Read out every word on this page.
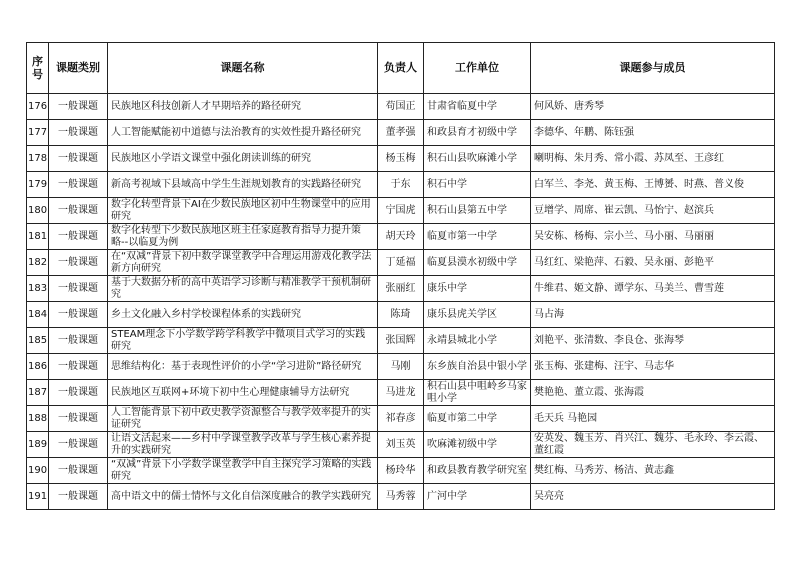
序
号	课题类别	课题名称	负责人	工作单位	课题参与成员
176	一般课题	民族地区科技创新人才早期培养的路径研究	苟国正	甘肃省临夏中学	何风娇、唐秀琴
177	一般课题	人工智能赋能初中道德与法治教育的实效性提升路径研究	董孝强	和政县育才初级中学	李德华、年鹏、陈钰强
178	一般课题	民族地区小学语文课堂中强化朗读训练的研究	杨玉梅	积石山县吹麻滩小学	喇明梅、朱月秀、常小霞、苏凤至、王彦红
179	一般课题	新高考视域下县域高中学生生涯规划教育的实践路径研究	于东	积石中学	白军兰、李尧、黄玉梅、王博赟、时燕、普义俊
180	一般课题	数字化转型背景下AI在少数民族地区初中生物课堂中的应用研究	宁国虎	积石山县第五中学	豆增学、周席、崔云凯、马怡宁、赵滨兵
181	一般课题	数字化转型下少数民族地区班主任家庭教育指导力提升策略--以临夏为例	胡天玲	临夏市第一中学	吴安栋、杨梅、宗小兰、马小丽、马丽丽
182	一般课题	在“双减”背景下初中数学课堂教学中合理运用游戏化教学法新方向研究	丁延福	临夏县漠水初级中学	马红红、梁艳萍、石毅、吴永丽、彭艳平
183	一般课题	基于大数据分析的高中英语学习诊断与精准教学干预机制研究	张丽红	康乐中学	牛维君、姬文静、谭学东、马美兰、曹雪莲
184	一般课题	乡土文化融入乡村学校课程体系的实践研究	陈琦	康乐县虎关学区	马占海
185	一般课题	STEAM理念下小学数学跨学科教学中微项目式学习的实践研究	张国辉	永靖县城北小学	刘艳平、张清数、李良仓、张海琴
186	一般课题	思维结构化：基于表现性评价的小学“学习进阶”路径研究	马刚	东乡族自治县中银小学	张玉梅、张建梅、汪宇、马志华
187	一般课题	民族地区互联网+环境下初中生心理健康辅导方法研究	马进龙	积石山县中咀岭乡马家咀小学	樊艳艳、董立霞、张海霞
188	一般课题	人工智能背景下初中政史教学资源整合与教学效率提升的实证研究	祁春彦	临夏市第二中学	毛天兵 马艳园
189	一般课题	让语文活起来——乡村中学课堂教学改革与学生核心素养提升的实践研究	刘玉英	吹麻滩初级中学	安英发、魏玉芳、肖兴江、魏芬、毛永玲、李云霞、董红霞
190	一般课题	“双减”背景下小学数学课堂教学中自主探究学习策略的实践研究	杨玲华	和政县教育教学研究室	樊红梅、马秀芳、杨洁、黄志鑫
191	一般课题	高中语文中的儒士情怀与文化自信深度融合的教学实践研究	马秀蓉	广河中学	吴亮亮
